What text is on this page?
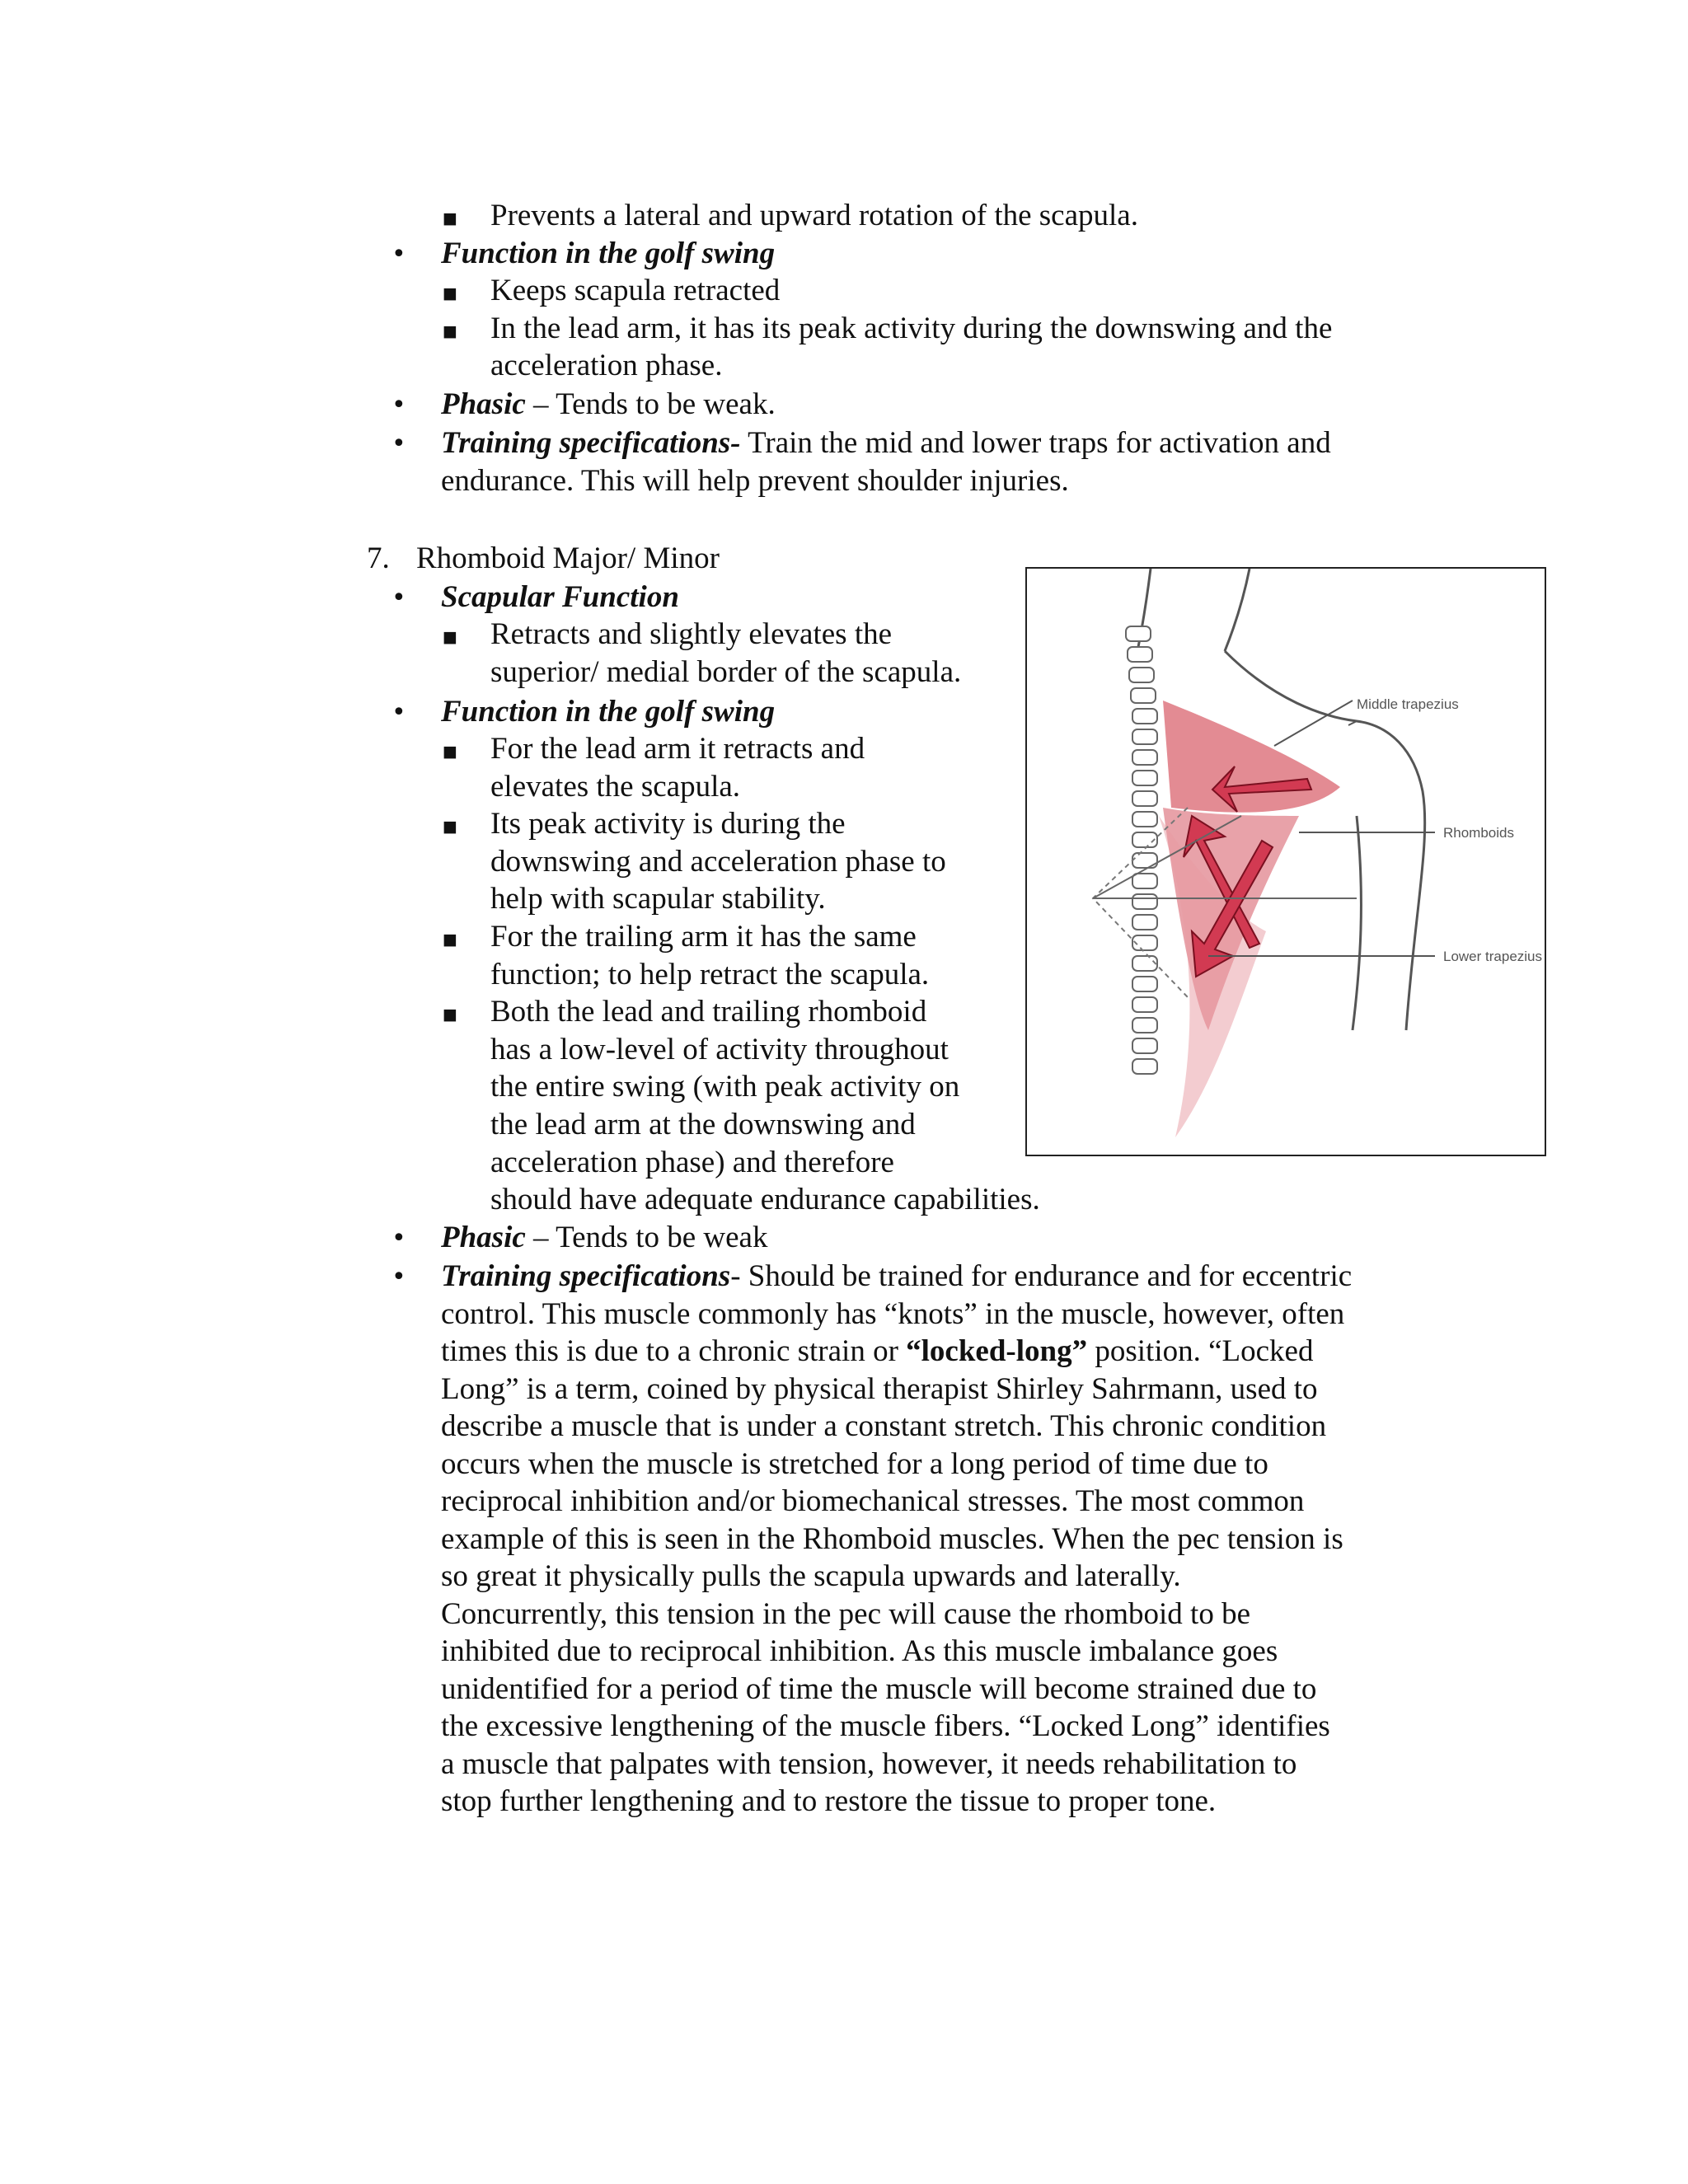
■ Prevents a lateral and upward rotation of the scapula.
• Function in the golf swing
■ Keeps scapula retracted
■ In the lead arm, it has its peak activity during the downswing and the
acceleration phase.
• Phasic – Tends to be weak.
• Training specifications- Train the mid and lower traps for activation and
endurance. This will help prevent shoulder injuries.
7. Rhomboid Major/ Minor
• Scapular Function
■ Retracts and slightly elevates the
superior/ medial border of the scapula.
• Function in the golf swing
■ For the lead arm it retracts and
elevates the scapula.
■ Its peak activity is during the
downswing and acceleration phase to
help with scapular stability.
■ For the trailing arm it has the same
function; to help retract the scapula.
■ Both the lead and trailing rhomboid
has a low-level of activity throughout
the entire swing (with peak activity on
the lead arm at the downswing and
acceleration phase) and therefore
should have adequate endurance capabilities.
• Phasic – Tends to be weak
• Training specifications- Should be trained for endurance and for eccentric
control. This muscle commonly has “knots” in the muscle, however, often
times this is due to a chronic strain or “locked-long” position. “Locked
Long” is a term, coined by physical therapist Shirley Sahrmann, used to
describe a muscle that is under a constant stretch. This chronic condition
occurs when the muscle is stretched for a long period of time due to
reciprocal inhibition and/or biomechanical stresses. The most common
example of this is seen in the Rhomboid muscles. When the pec tension is
so great it physically pulls the scapula upwards and laterally.
Concurrently, this tension in the pec will cause the rhomboid to be
inhibited due to reciprocal inhibition. As this muscle imbalance goes
unidentified for a period of time the muscle will become strained due to
the excessive lengthening of the muscle fibers. “Locked Long” identifies
a muscle that palpates with tension, however, it needs rehabilitation to
stop further lengthening and to restore the tissue to proper tone.
Middle trapezius
Rhomboids
Lower trapezius
